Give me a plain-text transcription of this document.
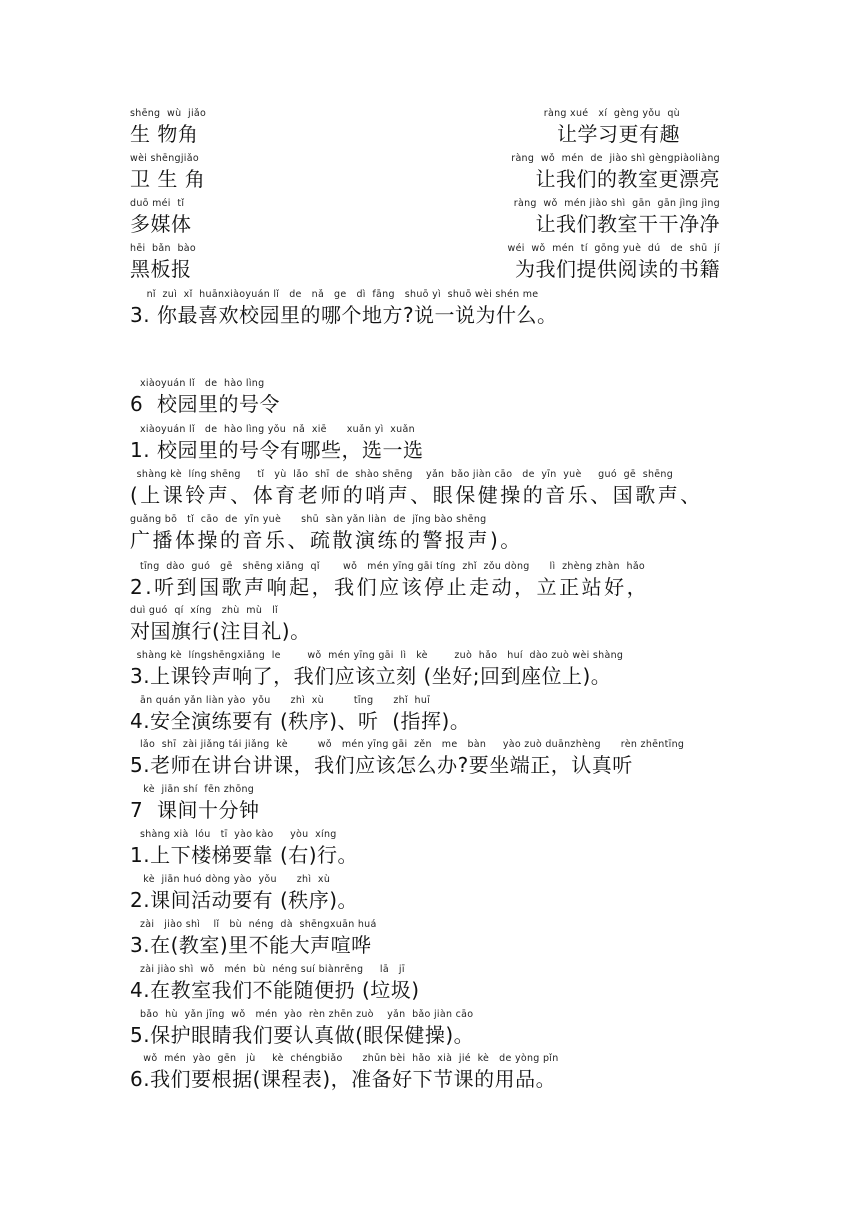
shēng  wù  jiǎo
生 物角
ràng xué   xí  gèng yǒu  qù
让学习更有趣
wèi shēngjiǎo
卫 生 角
ràng  wǒ  mén  de  jiào shì gèngpiàoliàng
让我们的教室更漂亮
duō méi  tǐ
多媒体
ràng  wǒ  mén jiào shì  gān  gān jìng jìng
让我们教室干干净净
hēi  bǎn  bào
黑板报
wéi  wǒ  mén  tí  gōng yuè  dú   de  shū  jí
为我们提供阅读的书籍
nǐ  zuì  xǐ  huānxiàoyuán lǐ   de   nǎ   ge   dì  fāng   shuō yì  shuō wèi shén me
3. 你最喜欢校园里的哪个地方?说一说为什么。
xiàoyuán lǐ   de  hào lìng
6  校园里的号令
xiàoyuán lǐ   de  hào lìng yǒu  nǎ  xiē      xuǎn yì  xuǎn
1. 校园里的号令有哪些，选一选
shàng kè  líng shēng     tǐ   yù  lǎo  shī  de  shào shēng    yǎn  bǎo jiàn cāo   de  yīn  yuè     guó  gē  shēng
(上课铃声、体育老师的哨声、眼保健操的音乐、国歌声、
guǎng bō   tǐ  cāo  de  yīn yuè      shū  sàn yǎn liàn  de  jǐng bào shēng
广播体操的音乐、疏散演练的警报声)。
tīng  dào  guó   gē   shēng xiǎng  qǐ       wǒ   mén yīng gāi tíng  zhǐ  zǒu dòng      lì  zhèng zhàn  hǎo
2.听到国歌声响起，我们应该停止走动，立正站好，
duì guó  qí  xíng   zhù  mù   lǐ
对国旗行(注目礼)。
shàng kè  língshēngxiǎng  le        wǒ  mén yīng gāi  lì   kè        zuò  hǎo   huí  dào zuò wèi shàng
3.上课铃声响了，我们应该立刻 (坐好;回到座位上)。
ān quán yǎn liàn yào  yǒu      zhì  xù         tīng      zhǐ  huī
4.安全演练要有 (秩序)、听  (指挥)。
lǎo  shī  zài jiǎng tái jiǎng  kè         wǒ   mén yīng gāi  zěn   me   bàn     yào zuò duānzhèng      rèn zhēntīng
5.老师在讲台讲课，我们应该怎么办?要坐端正，认真听
kè  jiān shí  fēn zhōng
7  课间十分钟
shàng xià  lóu   tī  yào kào     yòu  xíng
1.上下楼梯要靠 (右)行。
kè  jiān huó dòng yào  yǒu      zhì  xù
2.课间活动要有 (秩序)。
zài   jiào shì    lǐ   bù  néng  dà  shēngxuān huá
3.在(教室)里不能大声喧哗
zài jiào shì  wǒ   mén  bù  néng suí biànrēng     lā   jī
4.在教室我们不能随便扔 (垃圾)
bǎo  hù  yǎn jīng  wǒ   mén  yào  rèn zhēn zuò    yǎn  bǎo jiàn cāo
5.保护眼睛我们要认真做(眼保健操)。
wǒ  mén  yào  gēn   jù     kè  chéngbiǎo      zhǔn bèi  hǎo  xià  jié  kè   de yòng pǐn
6.我们要根据(课程表)，准备好下节课的用品。
